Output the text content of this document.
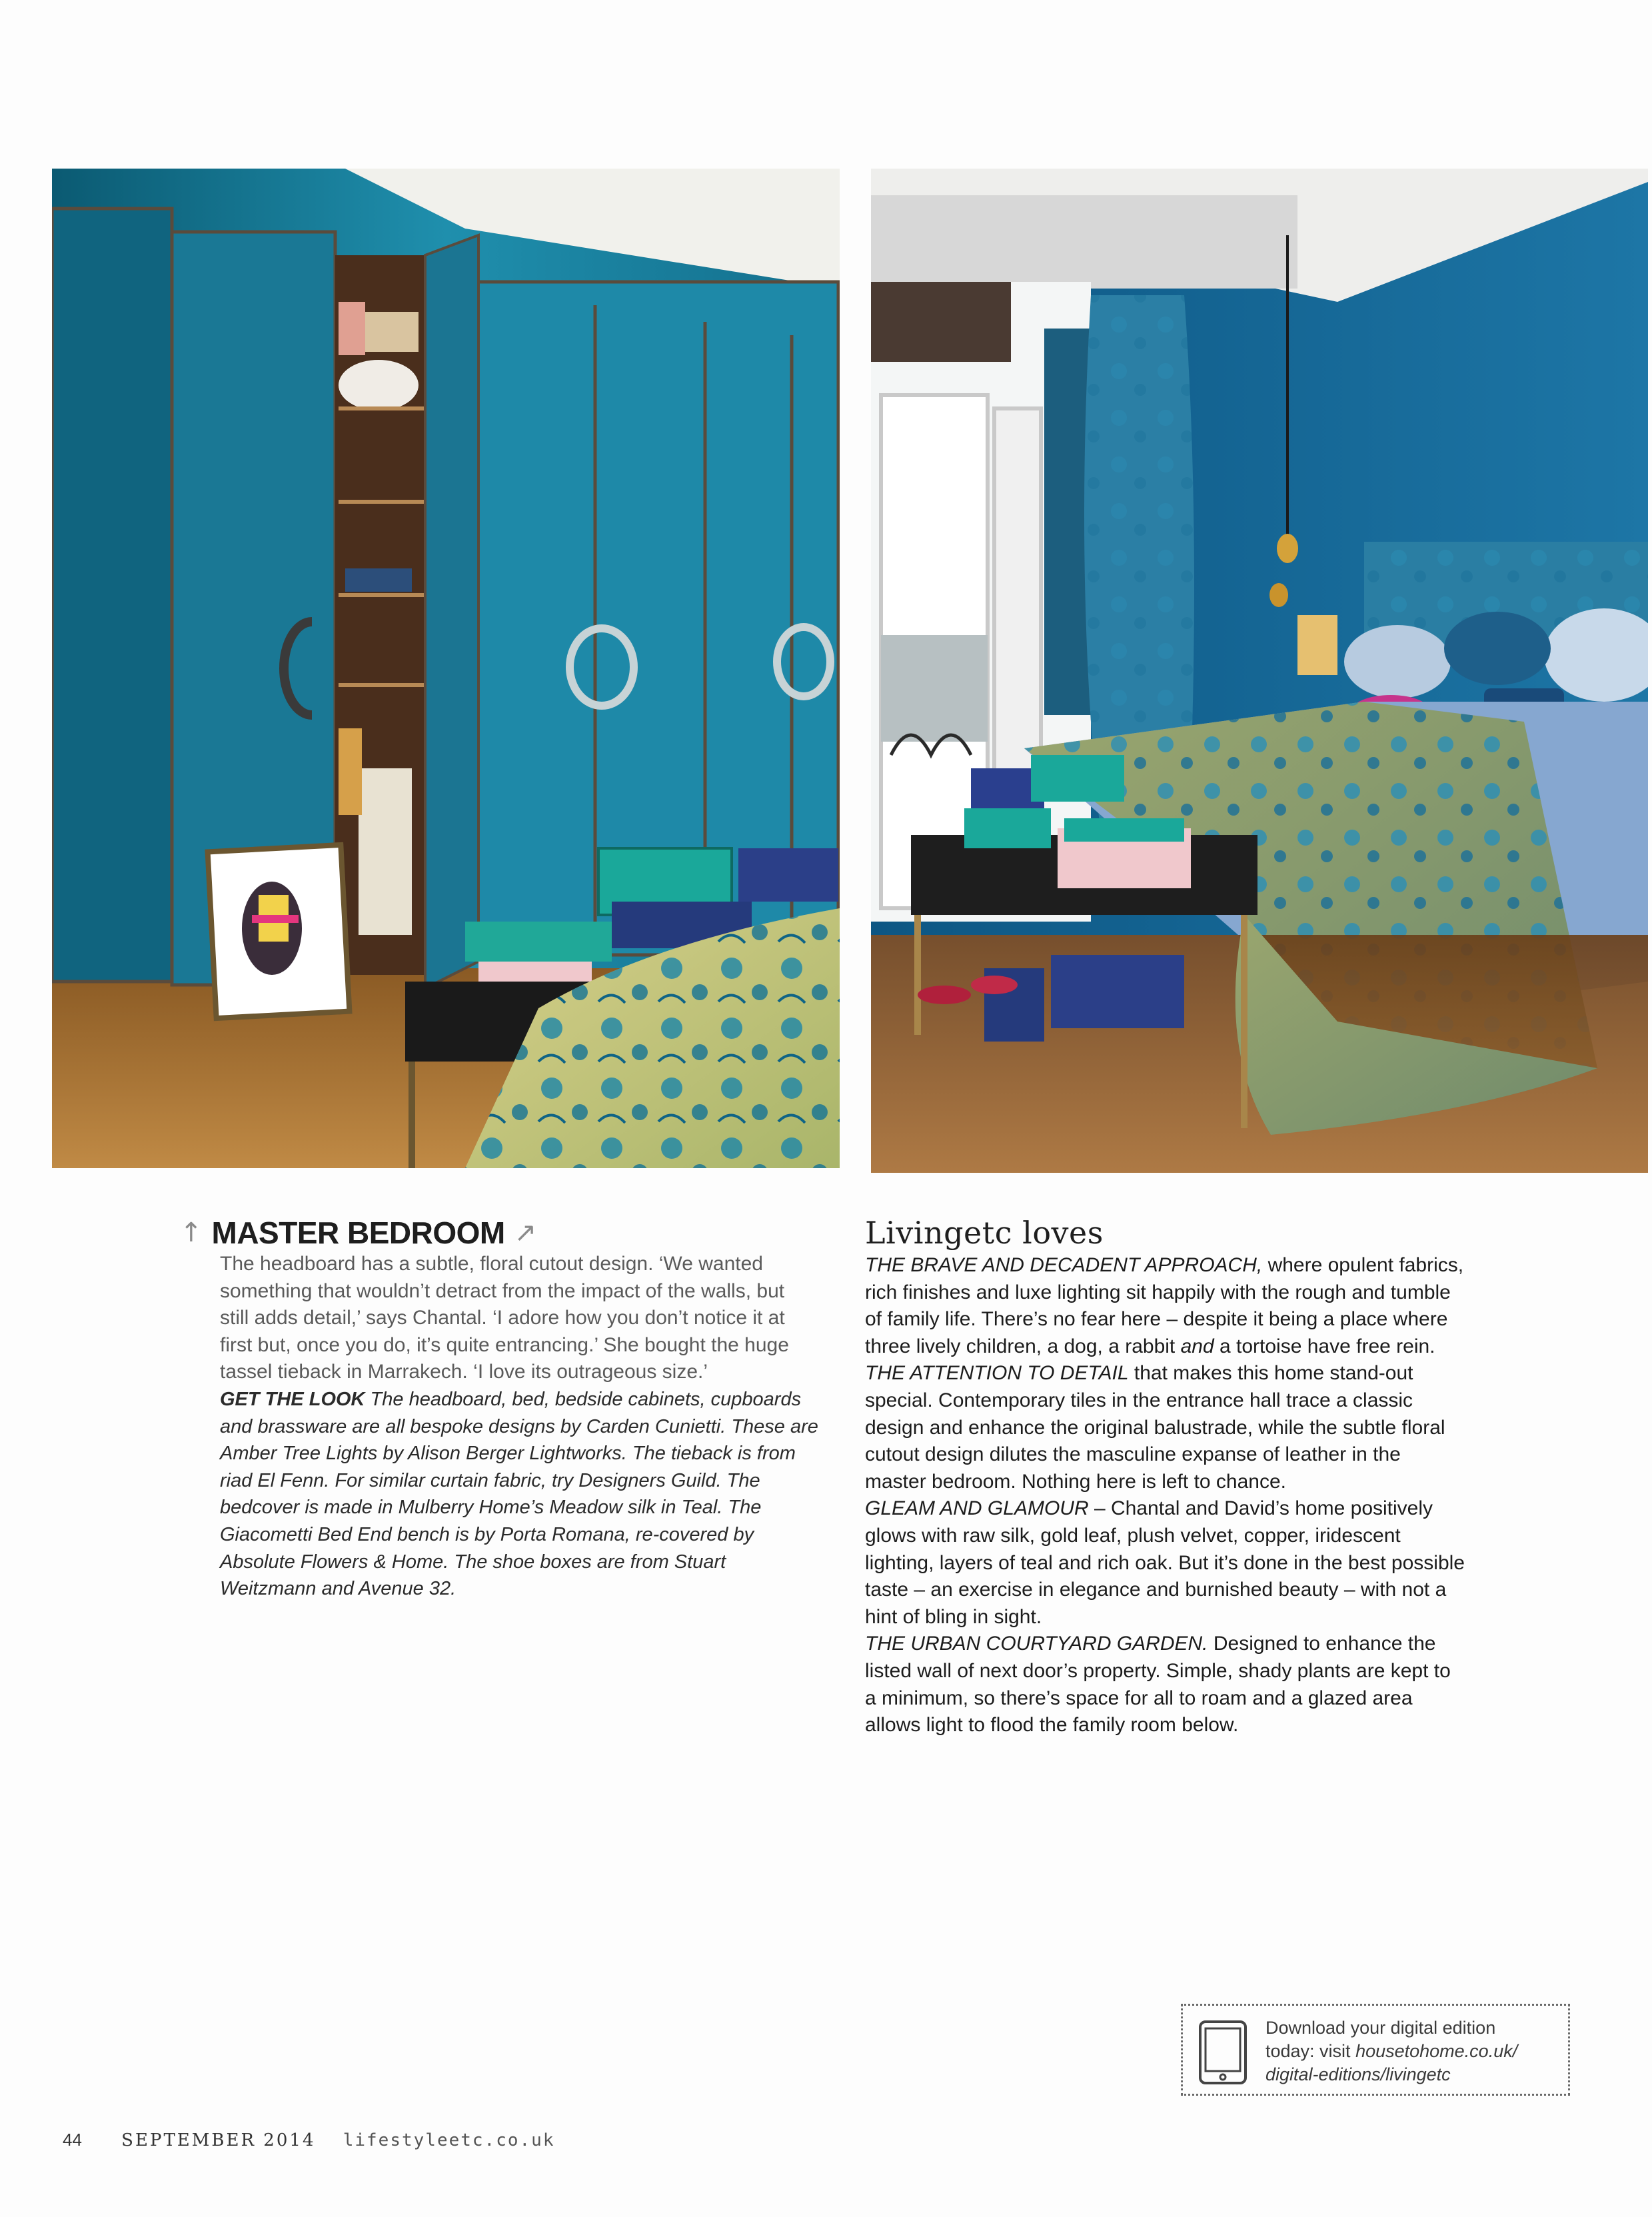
↑ MASTER BEDROOM ↗
The headboard has a subtle, floral cutout design. ‘We wanted something that wouldn’t detract from the impact of the walls, but still adds detail,’ says Chantal. ‘I adore how you don’t notice it at first but, once you do, it’s quite entrancing.’ She bought the huge tassel tieback in Marrakech. ‘I love its outrageous size.’
GET THE LOOK The headboard, bed, bedside cabinets, cupboards and brassware are all bespoke designs by Carden Cunietti. These are Amber Tree Lights by Alison Berger Lightworks. The tieback is from riad El Fenn. For similar curtain fabric, try Designers Guild. The bedcover is made in Mulberry Home’s Meadow silk in Teal. The Giacometti Bed End bench is by Porta Romana, re-covered by Absolute Flowers & Home. The shoe boxes are from Stuart Weitzmann and Avenue 32.
Livingetc loves

THE BRAVE AND DECADENT APPROACH, where opulent fabrics, rich finishes and luxe lighting sit happily with the rough and tumble of family life. There’s no fear here – despite it being a place where three lively children, a dog, a rabbit and a tortoise have free rein.

THE ATTENTION TO DETAIL that makes this home stand-out special. Contemporary tiles in the entrance hall trace a classic design and enhance the original balustrade, while the subtle floral cutout design dilutes the masculine expanse of leather in the master bedroom. Nothing here is left to chance.

GLEAM AND GLAMOUR – Chantal and David’s home positively glows with raw silk, gold leaf, plush velvet, copper, iridescent lighting, layers of teal and rich oak. But it’s done in the best possible taste – an exercise in elegance and burnished beauty – with not a hint of bling in sight.

THE URBAN COURTYARD GARDEN. Designed to enhance the listed wall of next door’s property. Simple, shady plants are kept to a minimum, so there’s space for all to roam and a glazed area allows light to flood the family room below.

Download your digital edition
today: visit housetohome.co.uk/ digital-editions/livingetc
44 SEPTEMBER 2014 lifestyleetc.co.uk
